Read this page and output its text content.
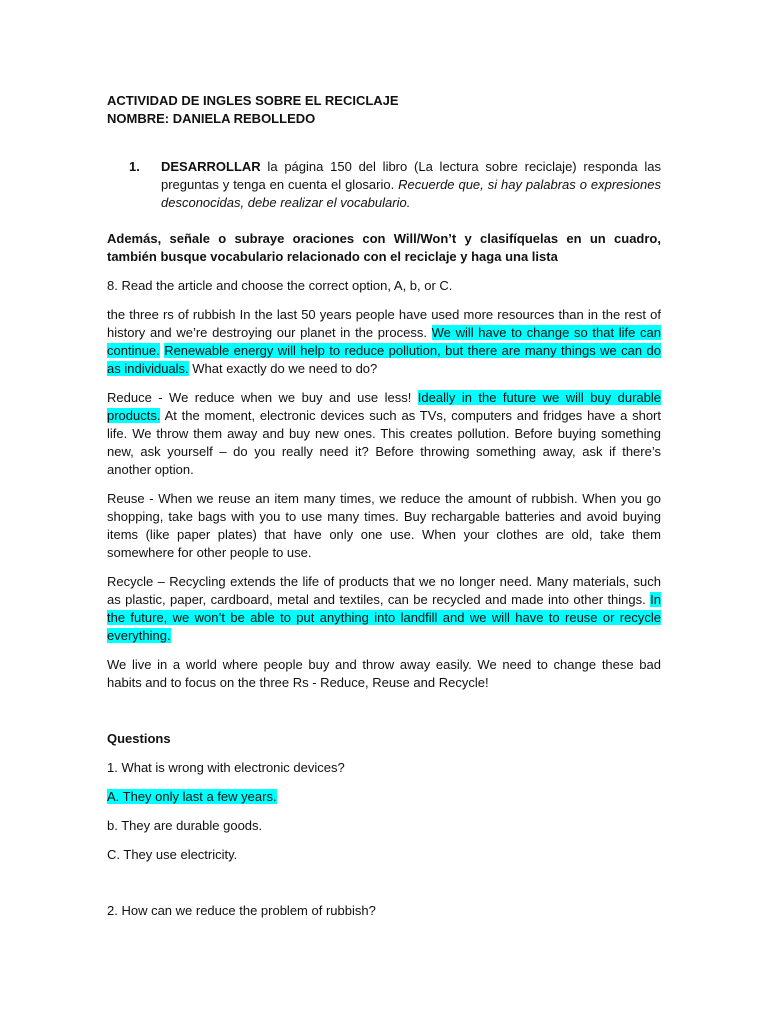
ACTIVIDAD DE INGLES SOBRE EL RECICLAJE

NOMBRE: DANIELA REBOLLEDO

1.	DESARROLLAR la página 150 del libro (La lectura sobre reciclaje) responda las preguntas y tenga en cuenta el glosario. Recuerde que, si hay palabras o expresiones desconocidas, debe realizar el vocabulario.

Además, señale o subraye oraciones con Will/Won’t y clasifíquelas en un cuadro, también busque vocabulario relacionado con el reciclaje y haga una lista

8. Read the article and choose the correct option, A, b, or C.

the three rs of rubbish In the last 50 years people have used more resources than in the rest of history and we’re destroying our planet in the process. We will have to change so that life can continue. Renewable energy will help to reduce pollution, but there are many things we can do as individuals. What exactly do we need to do?

Reduce - We reduce when we buy and use less! Ideally in the future we will buy durable products. At the moment, electronic devices such as TVs, computers and fridges have a short life. We throw them away and buy new ones. This creates pollution. Before buying something new, ask yourself – do you really need it? Before throwing something away, ask if there’s another option.

Reuse - When we reuse an item many times, we reduce the amount of rubbish. When you go shopping, take bags with you to use many times. Buy rechargable batteries and avoid buying items (like paper plates) that have only one use. When your clothes are old, take them somewhere for other people to use.

Recycle – Recycling extends the life of products that we no longer need. Many materials, such as plastic, paper, cardboard, metal and textiles, can be recycled and made into other things. In the future, we won’t be able to put anything into landfill and we will have to reuse or recycle everything.

We live in a world where people buy and throw away easily. We need to change these bad habits and to focus on the three Rs - Reduce, Reuse and Recycle!

Questions

1. What is wrong with electronic devices?

A. They only last a few years.

b. They are durable goods.

C. They use electricity.

2. How can we reduce the problem of rubbish?
